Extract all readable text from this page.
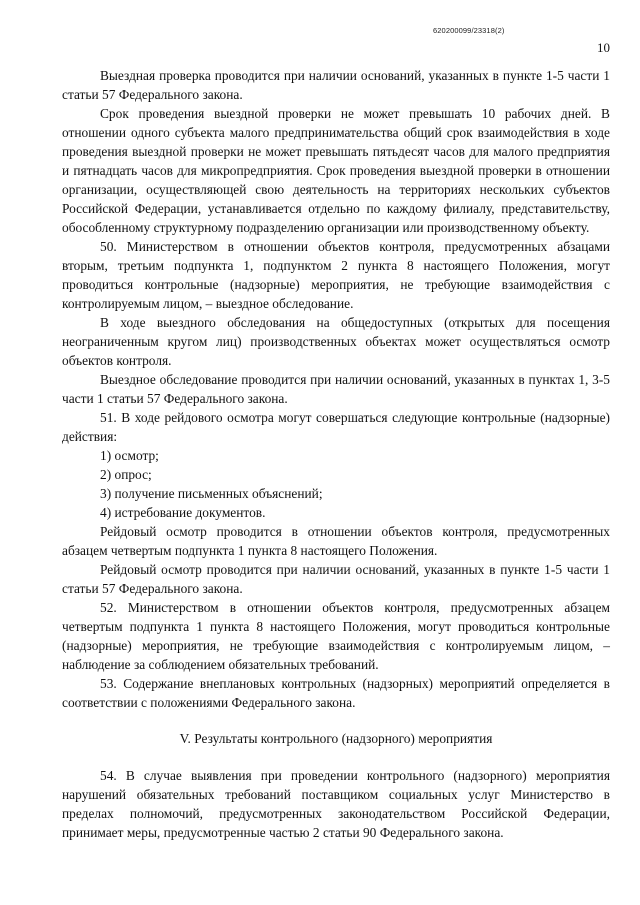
620200099/23318(2)
10

Выездная проверка проводится при наличии оснований, указанных в пункте 1-5 части 1 статьи 57 Федерального закона.

Срок проведения выездной проверки не может превышать 10 рабочих дней. В отношении одного субъекта малого предпринимательства общий срок взаимодействия в ходе проведения выездной проверки не может превышать пятьдесят часов для малого предприятия и пятнадцать часов для микропредприятия. Срок проведения выездной проверки в отношении организации, осуществляющей свою деятельность на территориях нескольких субъектов Российской Федерации, устанавливается отдельно по каждому филиалу, представительству, обособленному структурному подразделению организации или производственному объекту.

50. Министерством в отношении объектов контроля, предусмотренных абзацами вторым, третьим подпункта 1, подпунктом 2 пункта 8 настоящего Положения, могут проводиться контрольные (надзорные) мероприятия, не требующие взаимодействия с контролируемым лицом, – выездное обследование.

В ходе выездного обследования на общедоступных (открытых для посещения неограниченным кругом лиц) производственных объектах может осуществляться осмотр объектов контроля.

Выездное обследование проводится при наличии оснований, указанных в пунктах 1, 3-5 части 1 статьи 57 Федерального закона.

51. В ходе рейдового осмотра могут совершаться следующие контрольные (надзорные) действия:

1) осмотр;

2) опрос;

3) получение письменных объяснений;

4) истребование документов.

Рейдовый осмотр проводится в отношении объектов контроля, предусмотренных абзацем четвертым подпункта 1 пункта 8 настоящего Положения.

Рейдовый осмотр проводится при наличии оснований, указанных в пункте 1-5 части 1 статьи 57 Федерального закона.

52. Министерством в отношении объектов контроля, предусмотренных абзацем четвертым подпункта 1 пункта 8 настоящего Положения, могут проводиться контрольные (надзорные) мероприятия, не требующие взаимодействия с контролируемым лицом, – наблюдение за соблюдением обязательных требований.

53. Содержание внеплановых контрольных (надзорных) мероприятий определяется в соответствии с положениями Федерального закона.

V. Результаты контрольного (надзорного) мероприятия

54. В случае выявления при проведении контрольного (надзорного) мероприятия нарушений обязательных требований поставщиком социальных услуг Министерство в пределах полномочий, предусмотренных законодательством Российской Федерации, принимает меры, предусмотренные частью 2 статьи 90 Федерального закона.
